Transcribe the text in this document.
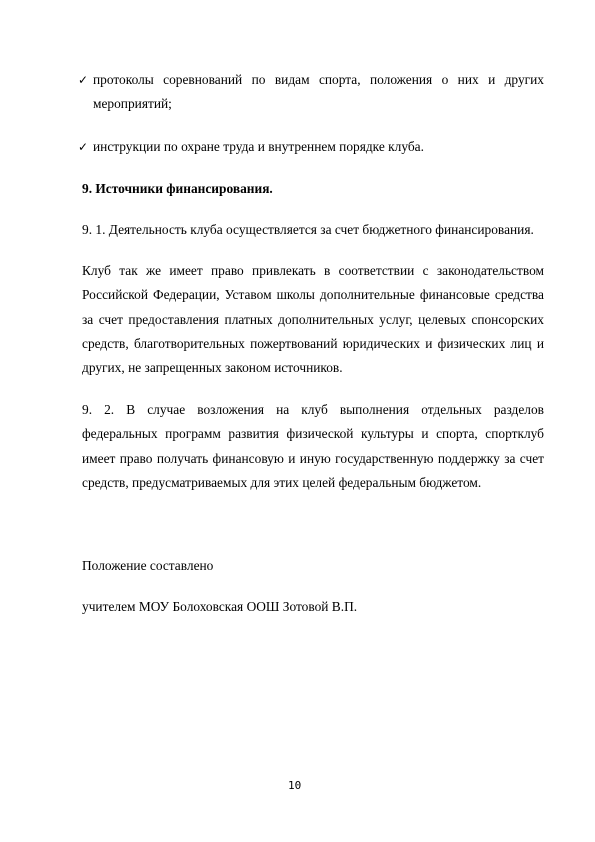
✓ протоколы соревнований по видам спорта, положения о них и других мероприятий;
✓ инструкции по охране труда и внутреннем порядке клуба.

9. Источники финансирования.

9. 1. Деятельность клуба осуществляется за счет бюджетного финансирования.

Клуб так же имеет право привлекать в соответствии с законодательством Российской Федерации, Уставом школы дополнительные финансовые средства за счет предоставления платных дополнительных услуг, целевых спонсорских средств, благотворительных пожертвований юридических и физических лиц и других, не запрещенных законом источников.

9. 2. В случае возложения на клуб выполнения отдельных разделов федеральных программ развития физической культуры и спорта, спортклуб имеет право получать финансовую и иную государственную поддержку за счет средств, предусматриваемых для этих целей федеральным бюджетом.

Положение составлено

учителем МОУ Болоховская ООШ Зотовой В.П.

10
